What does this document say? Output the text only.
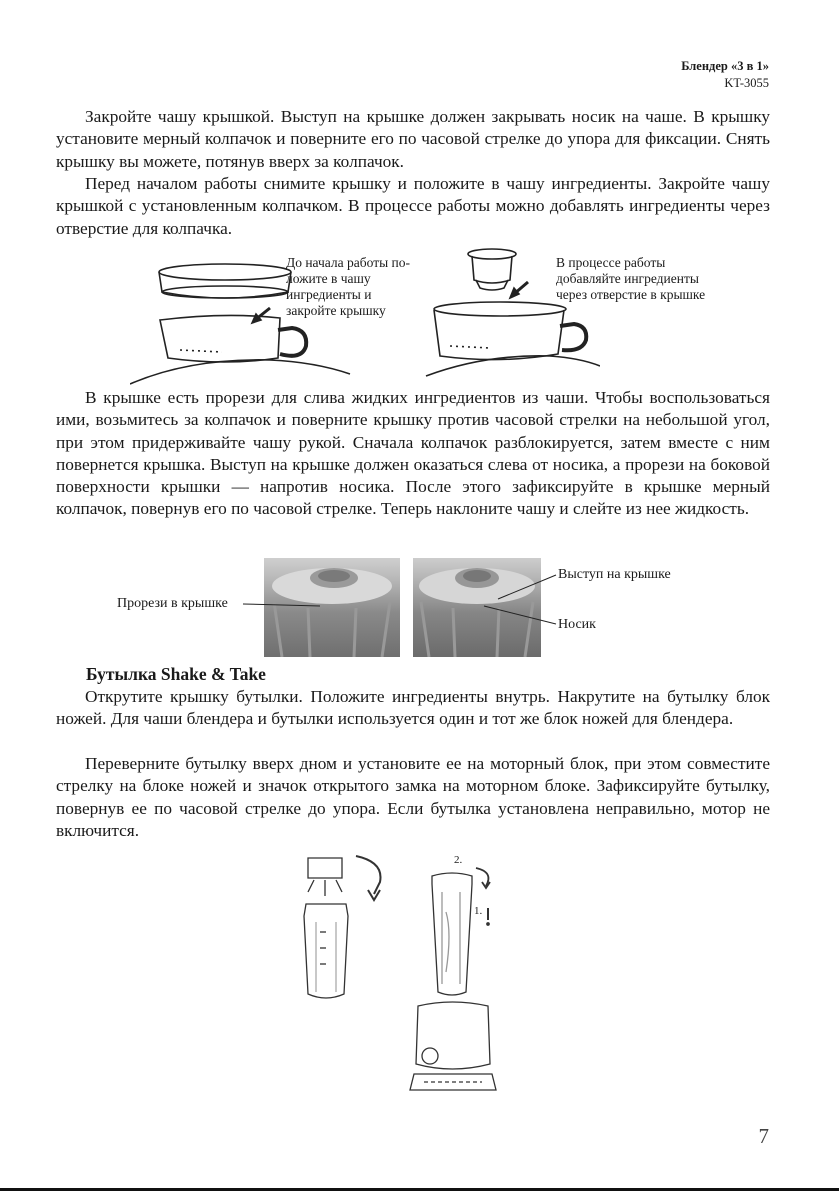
Блендер «3 в 1»
KT-3055

Закройте чашу крышкой. Выступ на крышке должен закрывать носик на чаше. В крышку установите мерный колпачок и поверните его по часовой стрелке до упора для фиксации. Снять крышку вы можете, потянув вверх за колпачок.

Перед началом работы снимите крышку и положите в чашу ингредиенты. Закройте чашу крышкой с установленным колпачком. В процессе работы можно добавлять ингредиенты через отверстие для колпачка.

До начала работы по-
ложите в чашу
ингредиенты и
закройте крышку
В процессе работы
добавляйте ингредиенты
через отверстие в крышке

В крышке есть прорези для слива жидких ингредиентов из чаши. Чтобы воспользоваться ими, возьмитесь за колпачок и поверните крышку против часовой стрелки на небольшой угол, при этом придерживайте чашу рукой. Сначала колпачок разблокируется, затем вместе с ним повернется крышка. Выступ на крышке должен оказаться слева от носика, а прорези на боковой поверхности крышки — напротив носика. После этого зафиксируйте в крышке мерный колпачок, повернув его по часовой стрелке. Теперь наклоните чашу и слейте из нее жидкость.

Прорези в крышке
Выступ на крышке
Носик
Бутылка Shake & Take

Открутите крышку бутылки. Положите ингредиенты внутрь. Накрутите на бутылку блок ножей. Для чаши блендера и бутылки используется один и тот же блок ножей для блендера.

Переверните бутылку вверх дном и установите ее на моторный блок, при этом совместите стрелку на блоке ножей и значок открытого замка на моторном блоке. Зафиксируйте бутылку, повернув ее по часовой стрелке до упора. Если бутылка установлена неправильно, мотор не включится.

2.
1.
7
